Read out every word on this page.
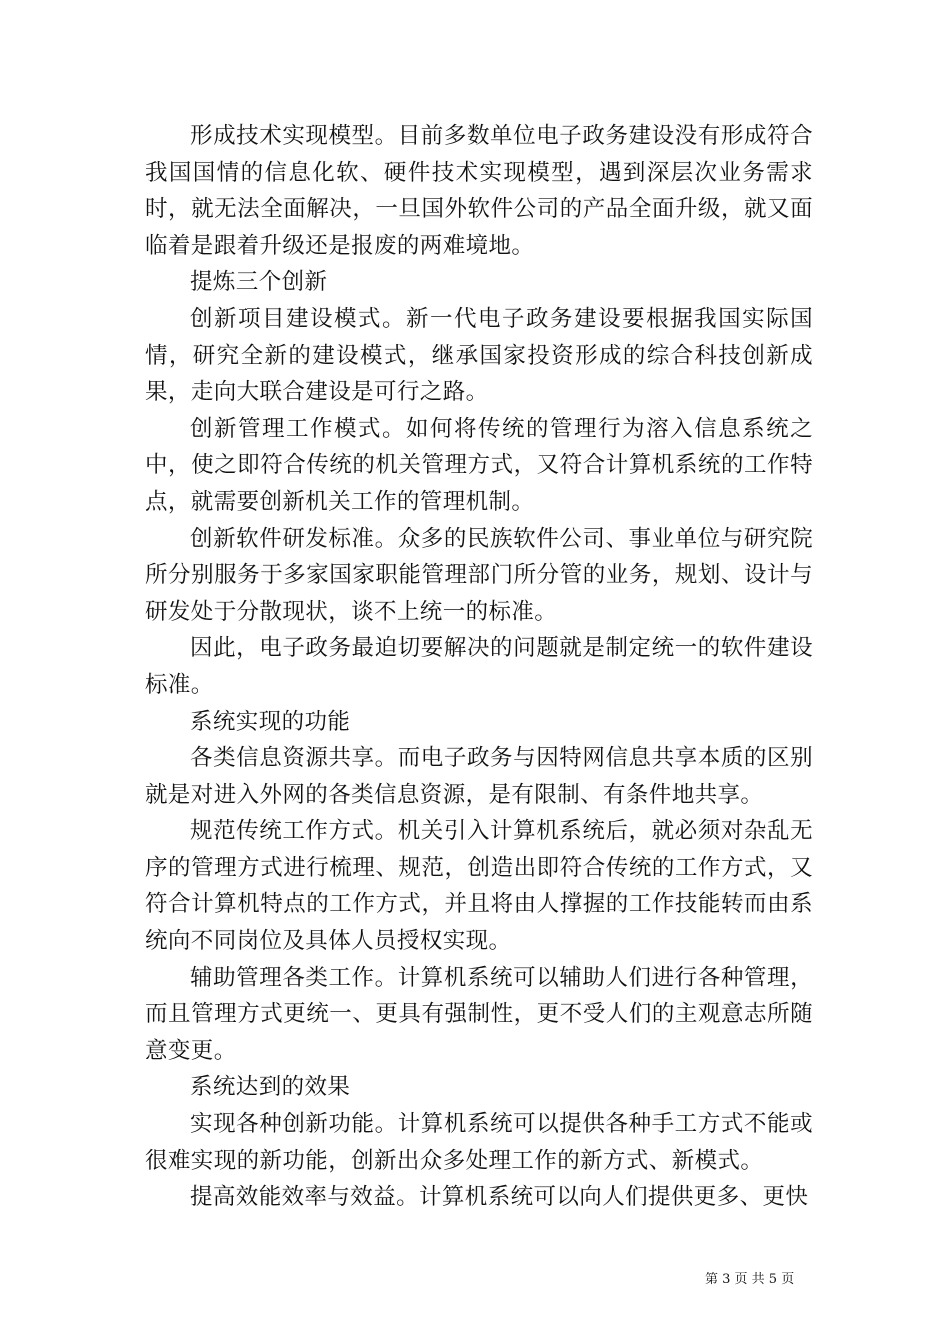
形成技术实现模型。目前多数单位电子政务建设没有形成符合我国国情的信息化软、硬件技术实现模型，遇到深层次业务需求时，就无法全面解决，一旦国外软件公司的产品全面升级，就又面临着是跟着升级还是报废的两难境地。

提炼三个创新

创新项目建设模式。新一代电子政务建设要根据我国实际国情，研究全新的建设模式，继承国家投资形成的综合科技创新成果，走向大联合建设是可行之路。

创新管理工作模式。如何将传统的管理行为溶入信息系统之中，使之即符合传统的机关管理方式，又符合计算机系统的工作特点，就需要创新机关工作的管理机制。

创新软件研发标准。众多的民族软件公司、事业单位与研究院所分别服务于多家国家职能管理部门所分管的业务，规划、设计与研发处于分散现状，谈不上统一的标准。

因此，电子政务最迫切要解决的问题就是制定统一的软件建设标准。

系统实现的功能

各类信息资源共享。而电子政务与因特网信息共享本质的区别就是对进入外网的各类信息资源，是有限制、有条件地共享。

规范传统工作方式。机关引入计算机系统后，就必须对杂乱无序的管理方式进行梳理、规范，创造出即符合传统的工作方式，又符合计算机特点的工作方式，并且将由人撑握的工作技能转而由系统向不同岗位及具体人员授权实现。

辅助管理各类工作。计算机系统可以辅助人们进行各种管理，而且管理方式更统一、更具有强制性，更不受人们的主观意志所随意变更。

系统达到的效果

实现各种创新功能。计算机系统可以提供各种手工方式不能或很难实现的新功能，创新出众多处理工作的新方式、新模式。

提高效能效率与效益。计算机系统可以向人们提供更多、更快

第 3 页 共 5 页
